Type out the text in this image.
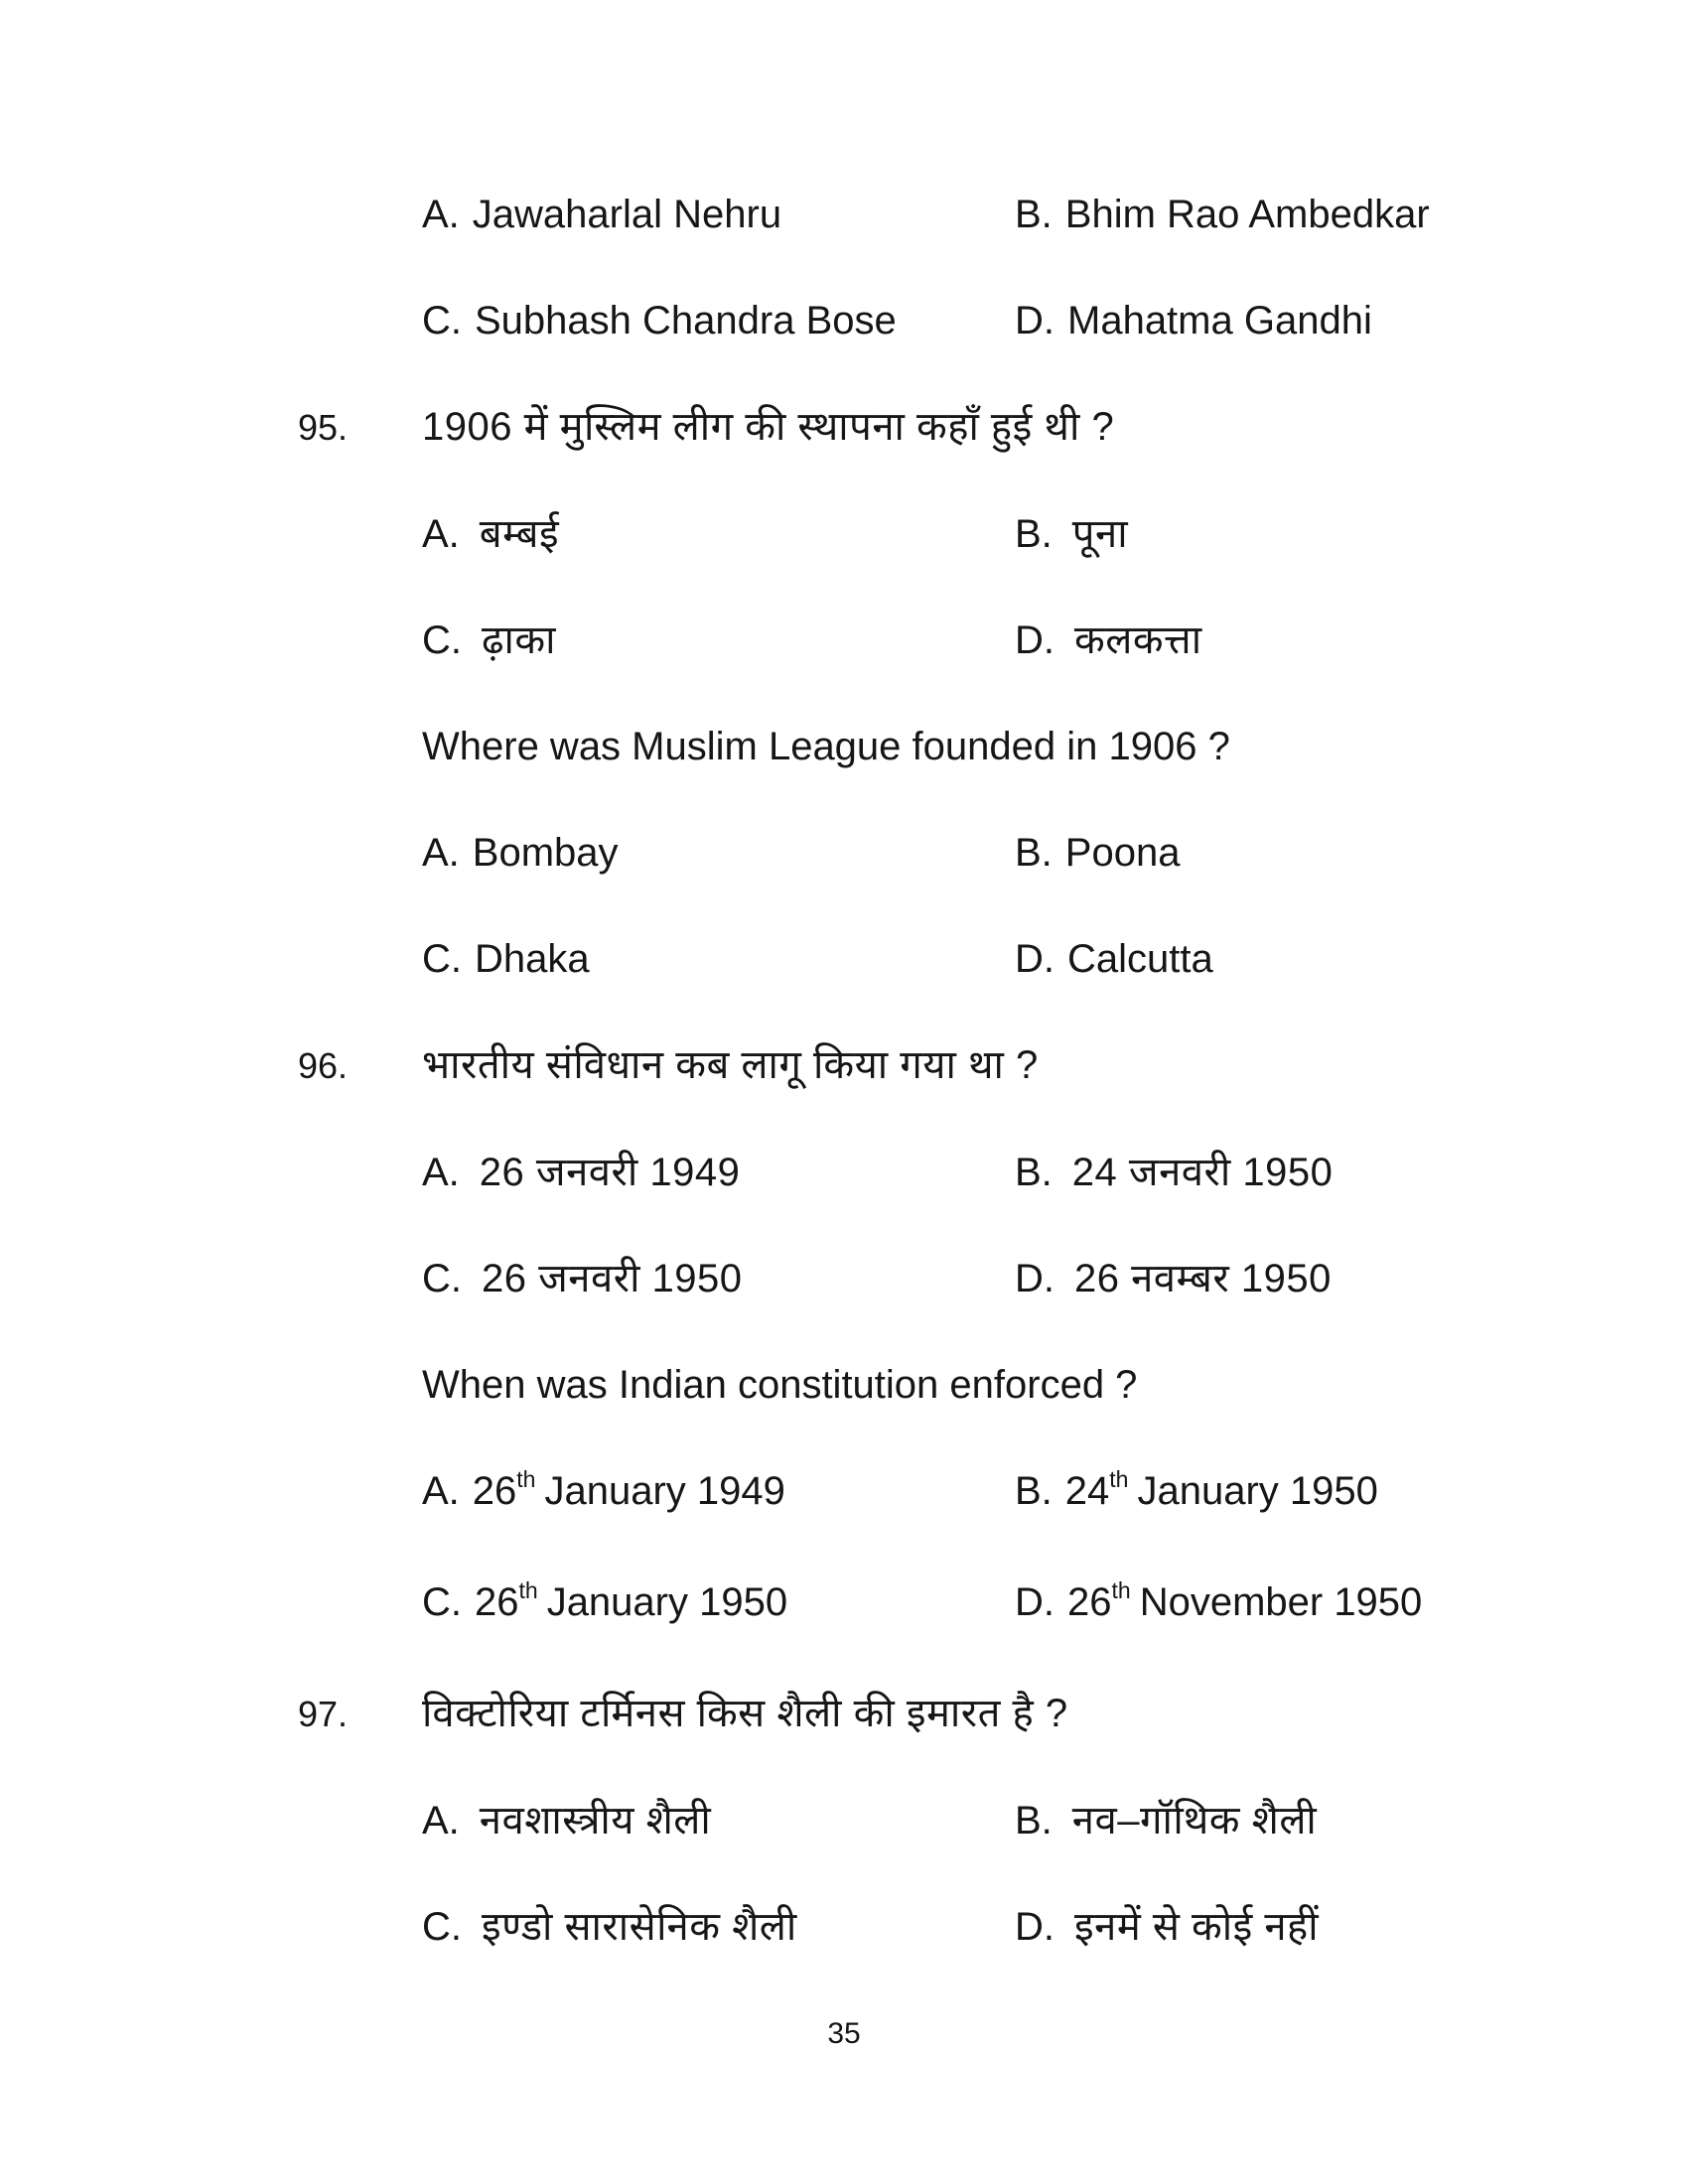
A. Jawaharlal Nehru	B. Bhim Rao Ambedkar
C. Subhash Chandra Bose	D. Mahatma Gandhi
95.	1906 में मुस्लिम लीग की स्थापना कहाँ हुई थी ?
A. बम्बई	B. पूना
C. ढ़ाका	D. कलकत्ता
Where was Muslim League founded in 1906 ?
A. Bombay	B. Poona
C. Dhaka	D. Calcutta
96.	भारतीय संविधान कब लागू किया गया था ?
A. 26 जनवरी 1949	B. 24 जनवरी 1950
C. 26 जनवरी 1950	D. 26 नवम्बर 1950
When was Indian constitution enforced ?
A. 26th January 1949	B. 24th January 1950
C. 26th January 1950	D. 26th November 1950
97.	विक्टोरिया टर्मिनस किस शैली की इमारत है ?
A. नवशास्त्रीय शैली	B. नव–गॉथिक शैली
C. इण्डो सारासेनिक शैली	D. इनमें से कोई नहीं
35
